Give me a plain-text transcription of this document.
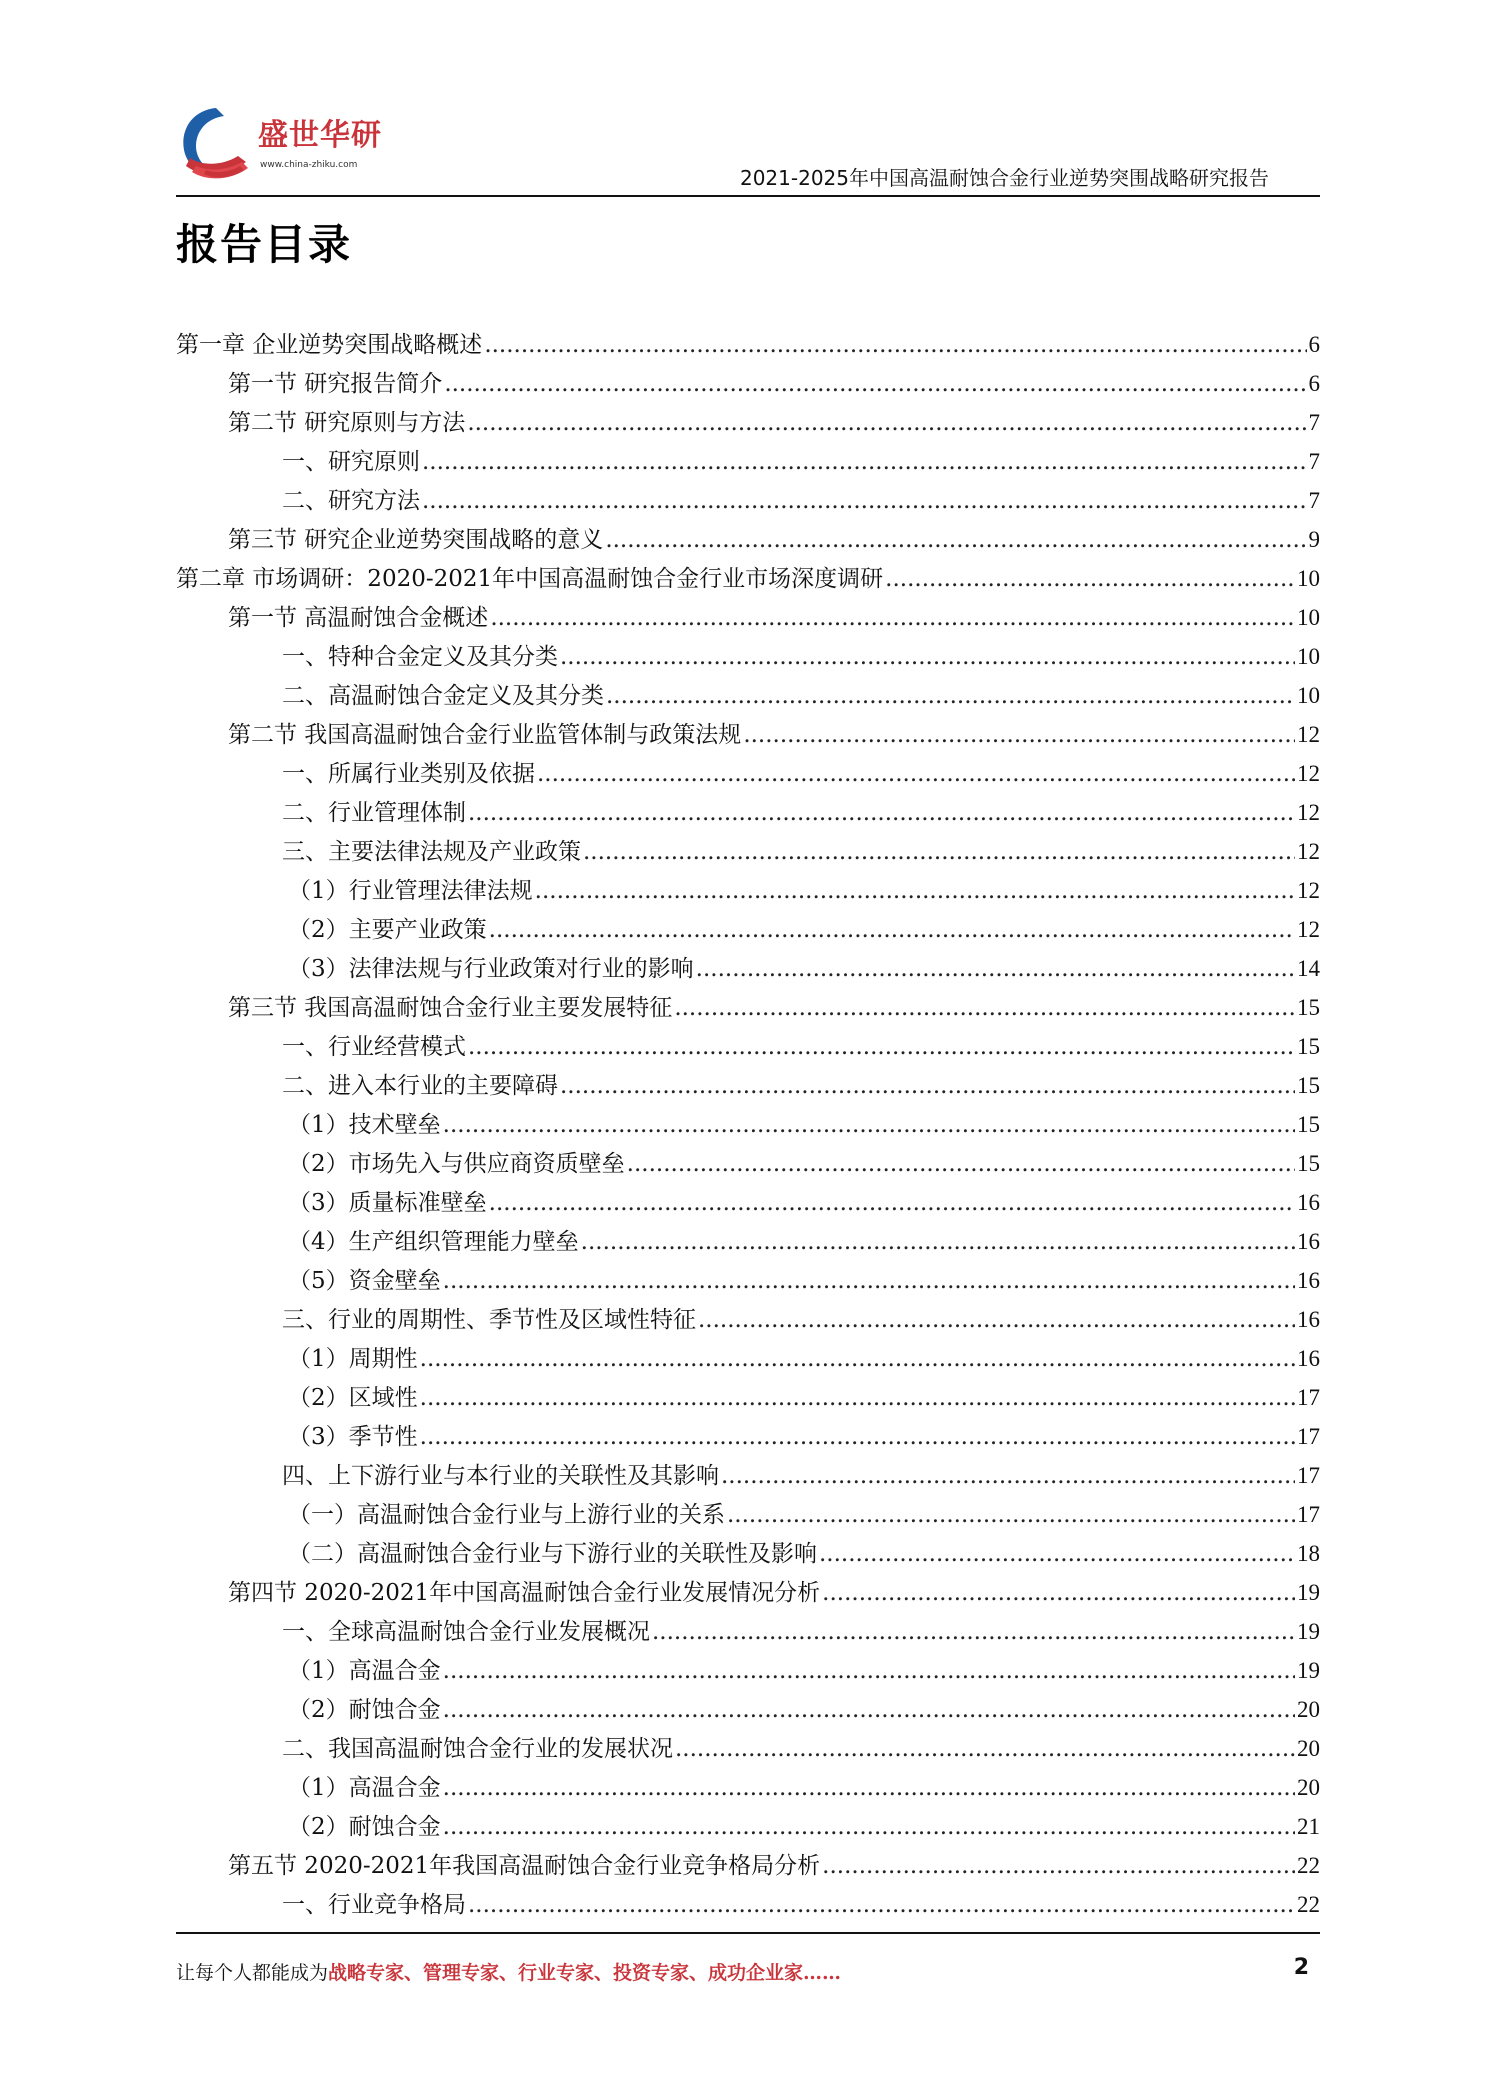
盛世华研
www.china-zhiku.com
2021-2025年中国高温耐蚀合金行业逆势突围战略研究报告
报告目录
第一章 企业逆势突围战略概述 .....	6
第一节 研究报告简介 .....	6
第二节 研究原则与方法 .....	7
一、研究原则 .....	7
二、研究方法 .....	7
第三节 研究企业逆势突围战略的意义 .....	9
第二章 市场调研：2020-2021年中国高温耐蚀合金行业市场深度调研 .....	10
第一节 高温耐蚀合金概述 .....	10
一、特种合金定义及其分类 .....	10
二、高温耐蚀合金定义及其分类 .....	10
第二节 我国高温耐蚀合金行业监管体制与政策法规 .....	12
一、所属行业类别及依据 .....	12
二、行业管理体制 .....	12
三、主要法律法规及产业政策 .....	12
（1）行业管理法律法规 .....	12
（2）主要产业政策 .....	12
（3）法律法规与行业政策对行业的影响 .....	14
第三节 我国高温耐蚀合金行业主要发展特征 .....	15
一、行业经营模式 .....	15
二、进入本行业的主要障碍 .....	15
（1）技术壁垒 .....	15
（2）市场先入与供应商资质壁垒 .....	15
（3）质量标准壁垒 .....	16
（4）生产组织管理能力壁垒 .....	16
（5）资金壁垒 .....	16
三、行业的周期性、季节性及区域性特征 .....	16
（1）周期性 .....	16
（2）区域性 .....	17
（3）季节性 .....	17
四、上下游行业与本行业的关联性及其影响 .....	17
（一）高温耐蚀合金行业与上游行业的关系 .....	17
（二）高温耐蚀合金行业与下游行业的关联性及影响 .....	18
第四节 2020-2021年中国高温耐蚀合金行业发展情况分析 .....	19
一、全球高温耐蚀合金行业发展概况 .....	19
（1）高温合金 .....	19
（2）耐蚀合金 .....	20
二、我国高温耐蚀合金行业的发展状况 .....	20
（1）高温合金 .....	20
（2）耐蚀合金 .....	21
第五节 2020-2021年我国高温耐蚀合金行业竞争格局分析 .....	22
一、行业竞争格局 .....	22
让每个人都能成为战略专家、管理专家、行业专家、投资专家、成功企业家……	2
